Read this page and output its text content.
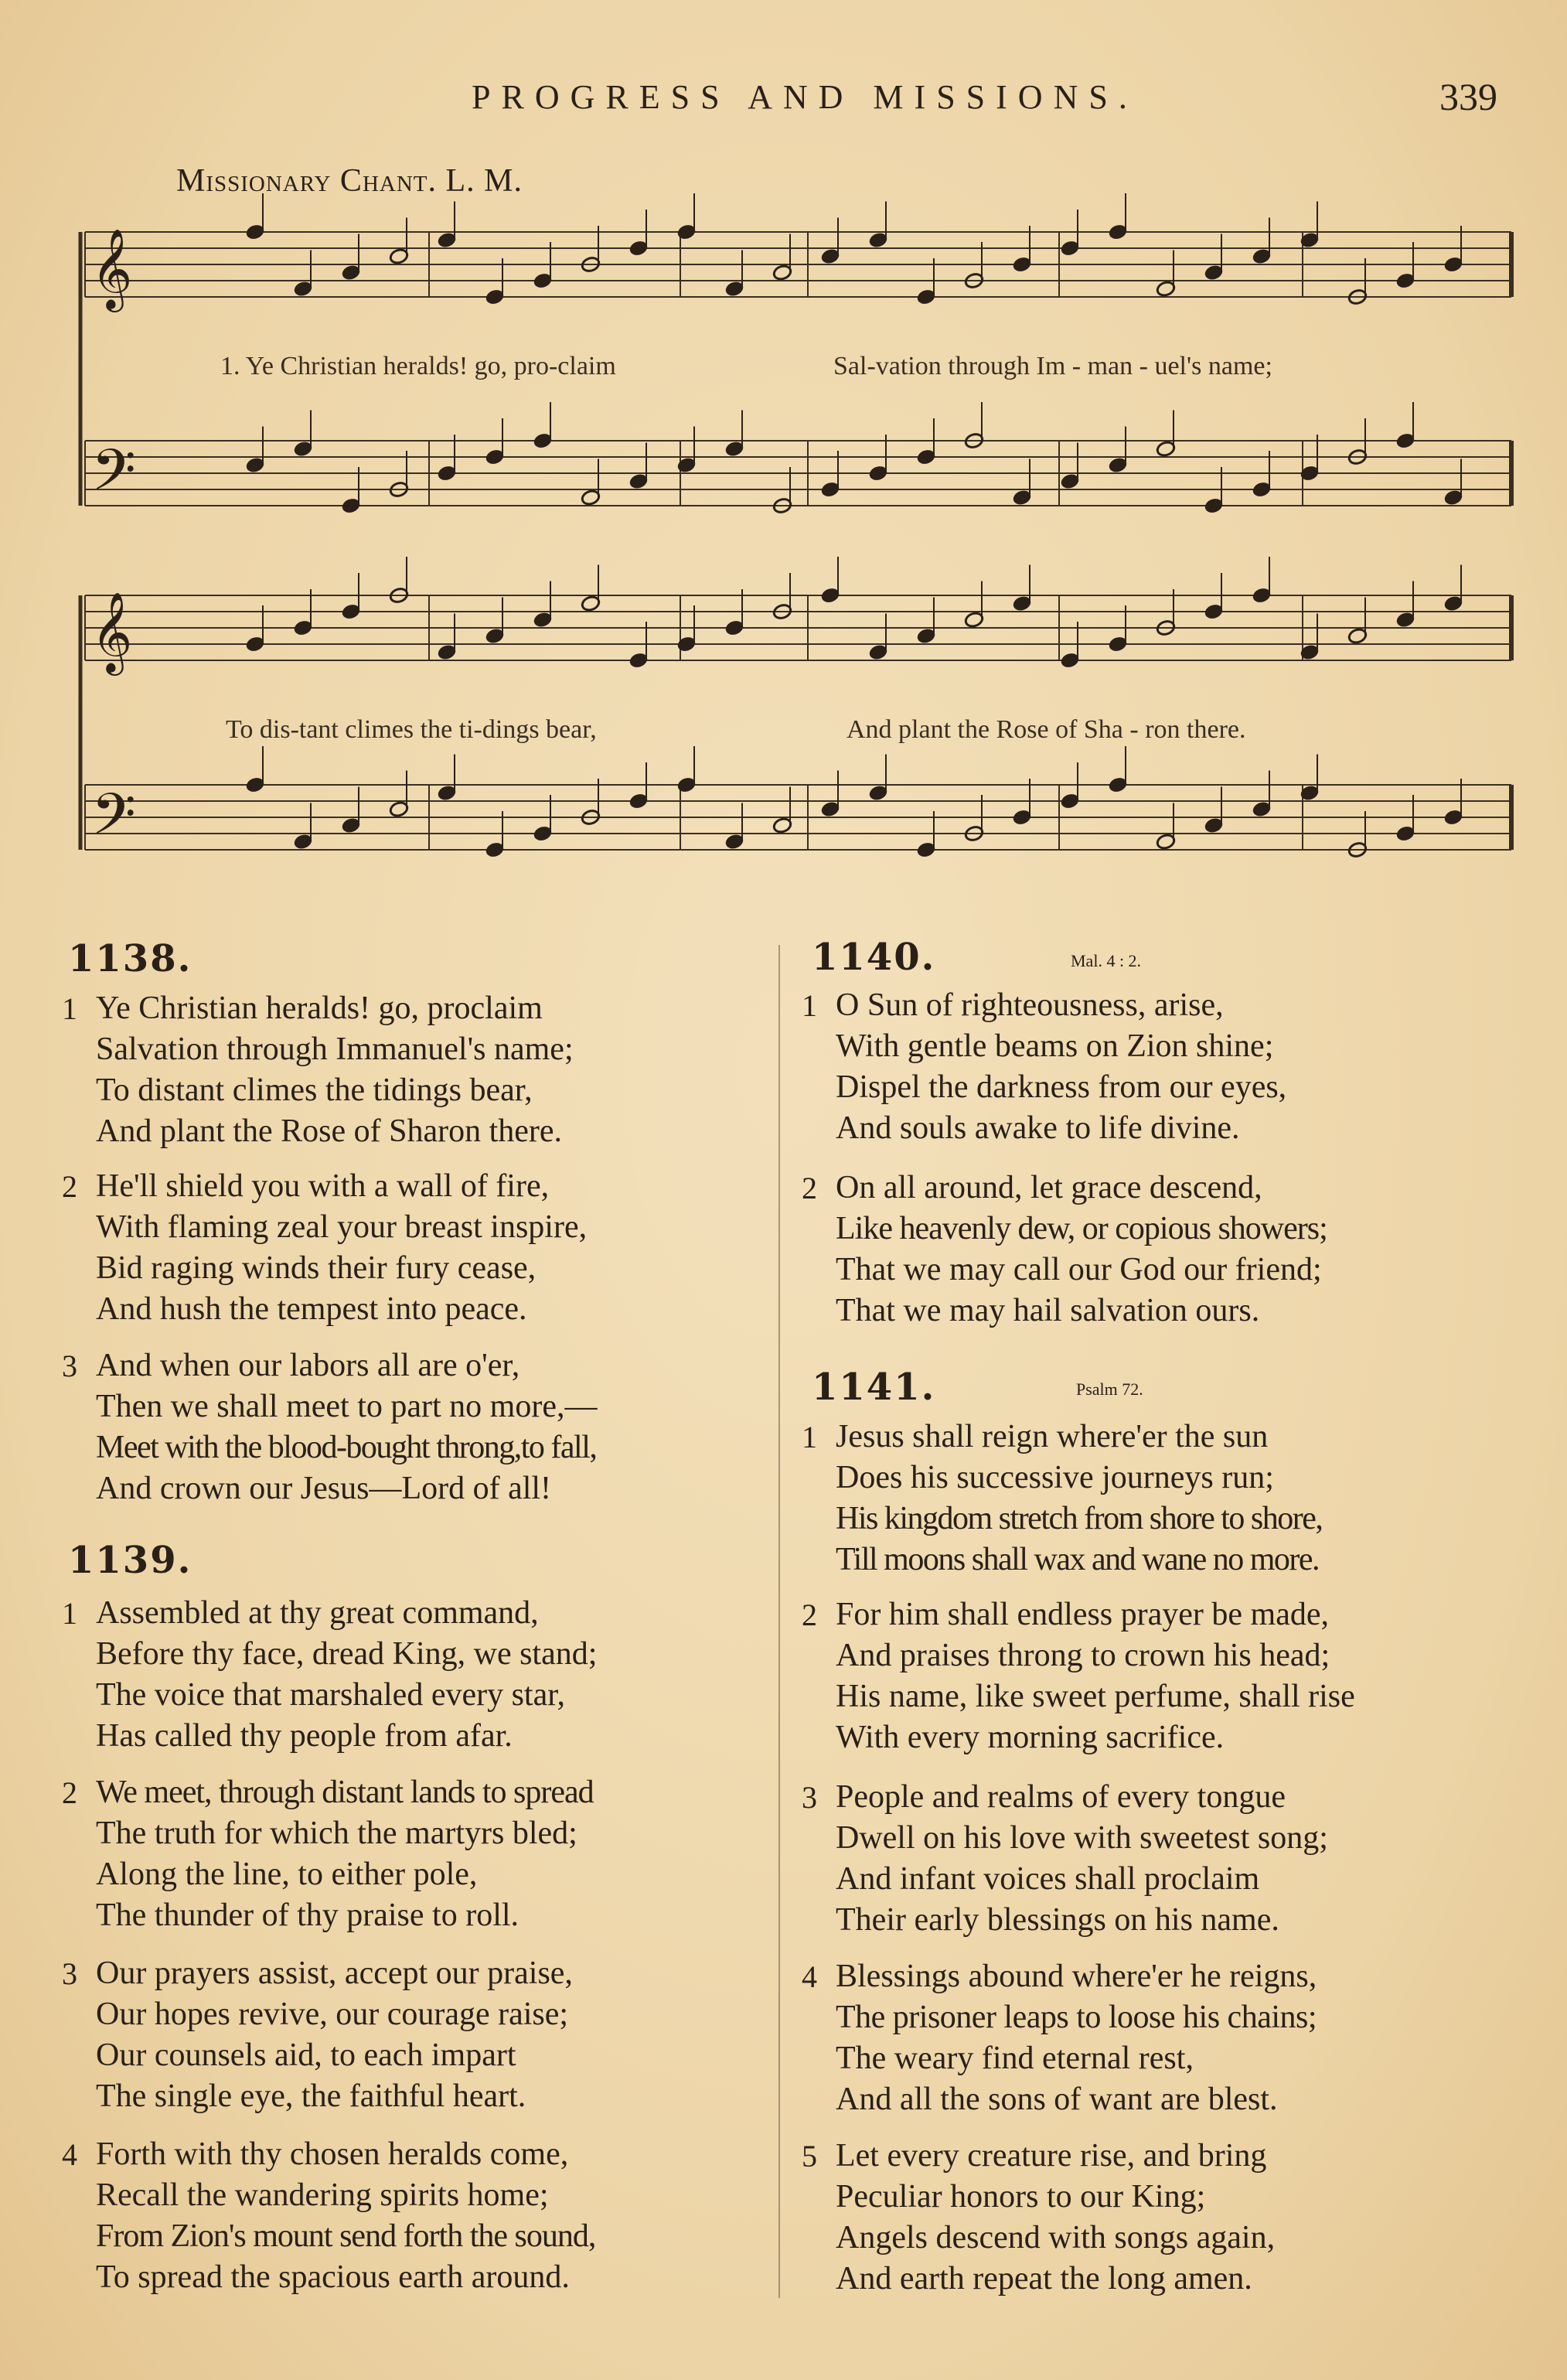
PROGRESS AND MISSIONS.	339
Missionary Chant. L. M.
𝄞
𝄢
𝄞
𝄢
1. Ye Christian heralds! go, pro-claim	Sal-vation through Im - man - uel's name;
To dis-tant climes the ti-dings bear,	And plant the Rose of Sha - ron there.
1138.
1 Ye Christian heralds! go, proclaim
Salvation through Immanuel's name;
To distant climes the tidings bear,
And plant the Rose of Sharon there.
2 He'll shield you with a wall of fire,
With flaming zeal your breast inspire,
Bid raging winds their fury cease,
And hush the tempest into peace.
3 And when our labors all are o'er,
Then we shall meet to part no more,—
Meet with the blood-bought throng,to fall,
And crown our Jesus—Lord of all!
1139.
1 Assembled at thy great command,
Before thy face, dread King, we stand;
The voice that marshaled every star,
Has called thy people from afar.
2 We meet, through distant lands to spread
The truth for which the martyrs bled;
Along the line, to either pole,
The thunder of thy praise to roll.
3 Our prayers assist, accept our praise,
Our hopes revive, our courage raise;
Our counsels aid, to each impart
The single eye, the faithful heart.
4 Forth with thy chosen heralds come,
Recall the wandering spirits home;
From Zion's mount send forth the sound,
To spread the spacious earth around.
1140.	Mal. 4 : 2.
1 O Sun of righteousness, arise,
With gentle beams on Zion shine;
Dispel the darkness from our eyes,
And souls awake to life divine.
2 On all around, let grace descend,
Like heavenly dew, or copious showers;
That we may call our God our friend;
That we may hail salvation ours.
1141.	Psalm 72.
1 Jesus shall reign where'er the sun
Does his successive journeys run;
His kingdom stretch from shore to shore,
Till moons shall wax and wane no more.
2 For him shall endless prayer be made,
And praises throng to crown his head;
His name, like sweet perfume, shall rise
With every morning sacrifice.
3 People and realms of every tongue
Dwell on his love with sweetest song;
And infant voices shall proclaim
Their early blessings on his name.
4 Blessings abound where'er he reigns,
The prisoner leaps to loose his chains;
The weary find eternal rest,
And all the sons of want are blest.
5 Let every creature rise, and bring
Peculiar honors to our King;
Angels descend with songs again,
And earth repeat the long amen.
